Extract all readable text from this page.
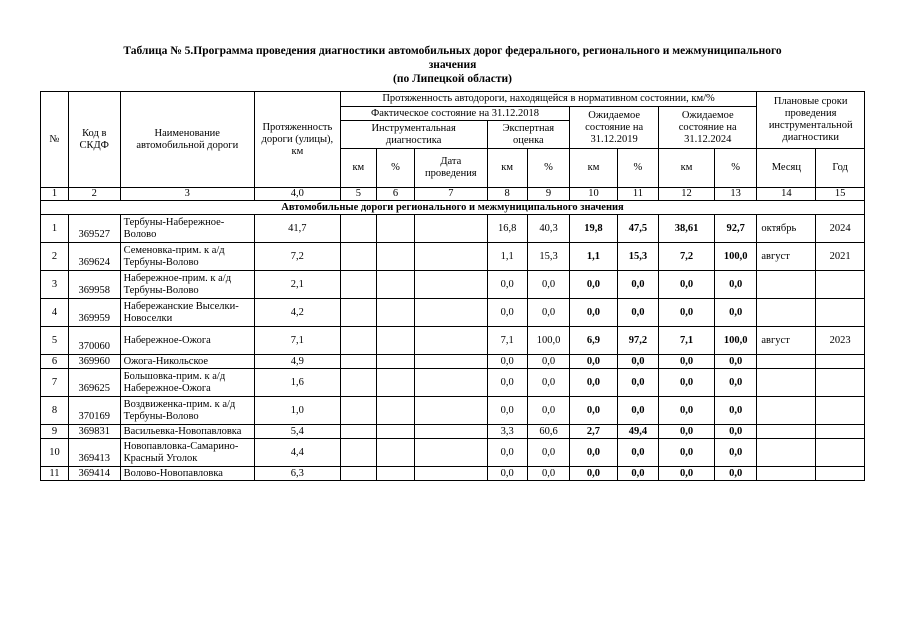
Таблица № 5.Программа проведения диагностики автомобильных дорог федерального, регионального и межмуниципального
значения
(по Липецкой области)
№	Код в СКДФ	Наименование автомобильной дороги	Протяженность дороги (улицы), км	Протяженность автодороги, находящейся в нормативном состоянии, км/%									Плановые сроки проведения инструментальной диагностики	
				Фактическое состояние на 31.12.2018					Ожидаемое состояние на 31.12.2019		Ожидаемое состояние на 31.12.2024			
				Инструментальная диагностика			Экспертная оценка							
				км	%	Дата проведения	км	%	км	%	км	%	Месяц	Год
1	2	3	4,0	5	6	7	8	9	10	11	12	13	14	15
Автомобильные дороги регионального и межмуниципального значения														
1	369527	Тербуны-Набережное-Волово	41,7				16,8	40,3	19,8	47,5	38,61	92,7	октябрь	2024
2	369624	Семеновка-прим. к а/д Тербуны-Волово	7,2				1,1	15,3	1,1	15,3	7,2	100,0	август	2021
3	369958	Набережное-прим. к а/д Тербуны-Волово	2,1				0,0	0,0	0,0	0,0	0,0	0,0		
4	369959	Набережанские Выселки-Новоселки	4,2				0,0	0,0	0,0	0,0	0,0	0,0		
5	370060	Набережное-Ожога	7,1				7,1	100,0	6,9	97,2	7,1	100,0	август	2023
6	369960	Ожога-Никольское	4,9				0,0	0,0	0,0	0,0	0,0	0,0		
7	369625	Большовка-прим. к а/д Набережное-Ожога	1,6				0,0	0,0	0,0	0,0	0,0	0,0		
8	370169	Воздвиженка-прим. к а/д Тербуны-Волово	1,0				0,0	0,0	0,0	0,0	0,0	0,0		
9	369831	Васильевка-Новопавловка	5,4				3,3	60,6	2,7	49,4	0,0	0,0		
10	369413	Новопавловка-Самарино-Красный Уголок	4,4				0,0	0,0	0,0	0,0	0,0	0,0		
11	369414	Волово-Новопавловка	6,3				0,0	0,0	0,0	0,0	0,0	0,0		
